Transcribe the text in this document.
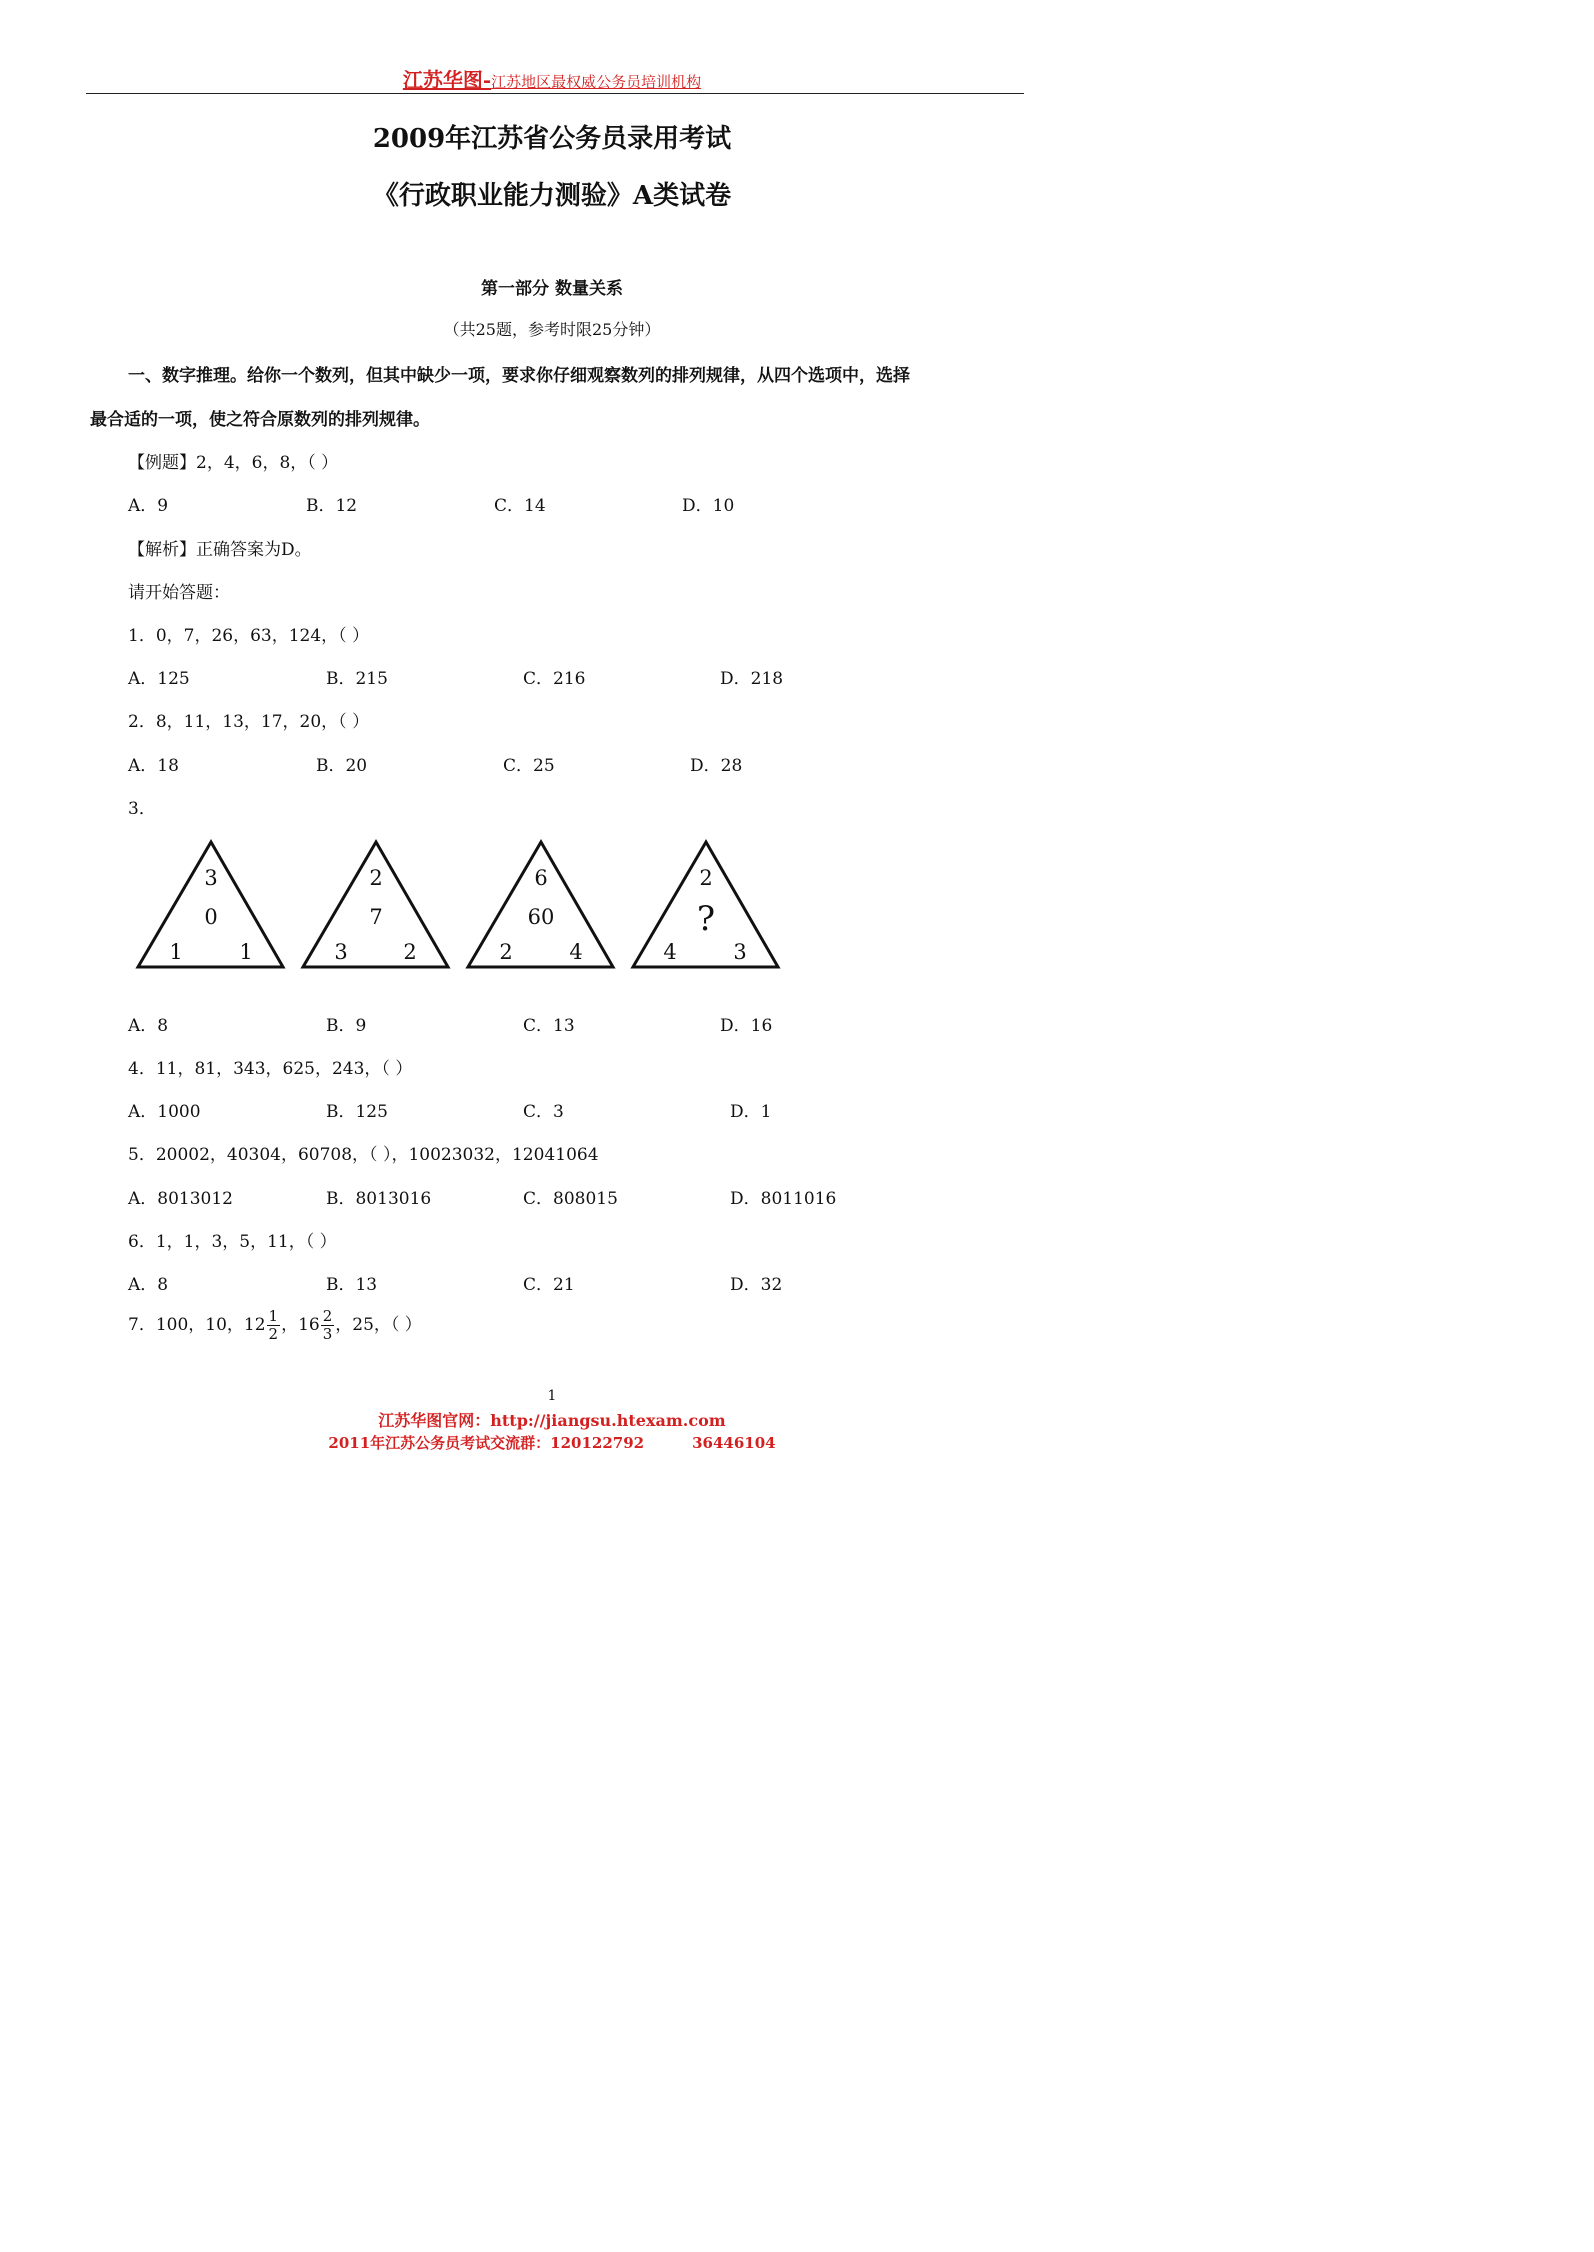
江苏华图-江苏地区最权威公务员培训机构
2009年江苏省公务员录用考试
《行政职业能力测验》A类试卷
第一部分 数量关系
（共25题，参考时限25分钟）
一、数字推理。给你一个数列，但其中缺少一项，要求你仔细观察数列的排列规律，从四个选项中，选择
最合适的一项，使之符合原数列的排列规律。
【例题】2，4，6，8，（ ）
A．9	B．12	C．14	D．10
【解析】正确答案为D。
请开始答题：
1．0，7，26，63，124，（ ）
A．125	B．215	C．216	D．218
2．8，11，13，17，20，（ ）
A．18	B．20	C．25	D．28
3．
3
0
1	1
2
7
3	2
6
60
2	4
2
?
4	3
A．8	B．9	C．13	D．16
4．11，81，343，625，243，（ ）
A．1000	B．125	C．3	D．1
5．20002，40304，60708，（ ），10023032，12041064
A．8013012	B．8013016	C．808015	D．8011016
6．1，1，3，5，11，（ ）
A．8	B．13	C．21	D．32
7．100，10，$12 \frac{1}{2}$ ，$16 \frac{2}{3}$ ，25，（ ）
1
江苏华图官网：http://jiangsu.htexam.com
2011年江苏公务员考试交流群：120122792	36446104
